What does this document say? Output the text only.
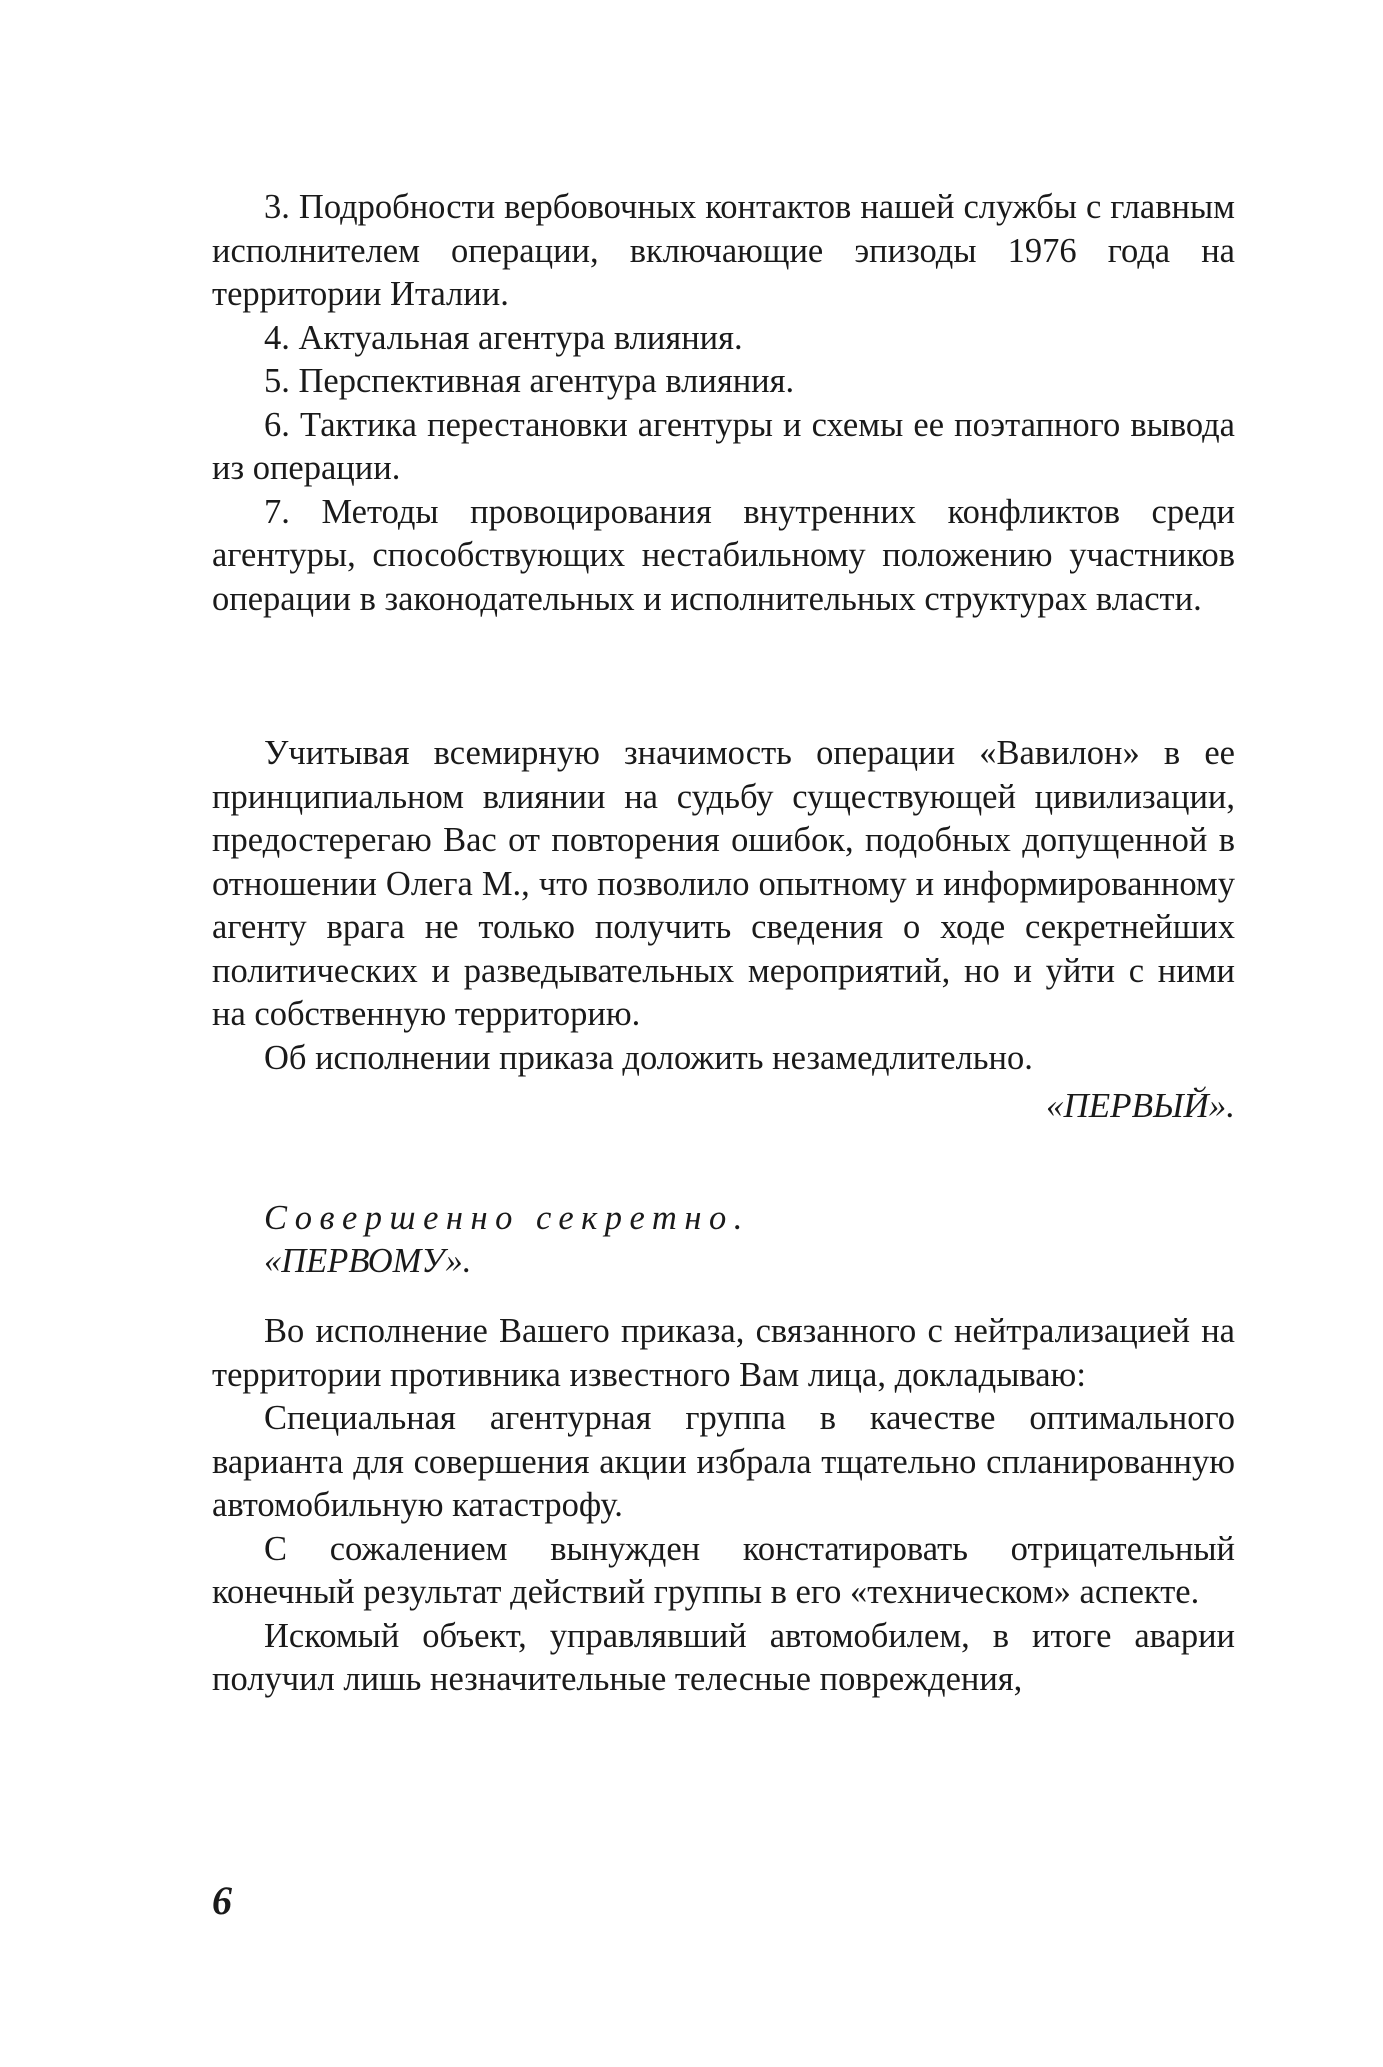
3. Подробности вербовочных контактов нашей службы с главным исполнителем операции, включающие эпизоды 1976 года на территории Италии.

4. Актуальная агентура влияния.

5. Перспективная агентура влияния.

6. Тактика перестановки агентуры и схемы ее поэтапного вывода из операции.

7. Методы провоцирования внутренних конфликтов среди агентуры, способствующих нестабильному положению участников операции в законодательных и исполнительных структурах власти.

Учитывая всемирную значимость операции «Вавилон» в ее принципиальном влиянии на судьбу существующей цивилизации, предостерегаю Вас от повторения ошибок, подобных допущенной в отношении Олега М., что позволило опытному и информированному агенту врага не только получить сведения о ходе секретнейших политических и разведывательных мероприятий, но и уйти с ними на собственную территорию.

Об исполнении приказа доложить незамедлительно.

«ПЕРВЫЙ».

Совершенно секретно.

«ПЕРВОМУ».

Во исполнение Вашего приказа, связанного с нейтрализацией на территории противника известного Вам лица, докладываю:

Специальная агентурная группа в качестве оптимального варианта для совершения акции избрала тщательно спланированную автомобильную катастрофу.

С сожалением вынужден констатировать отрицательный конечный результат действий группы в его «техническом» аспекте.

Искомый объект, управлявший автомобилем, в итоге аварии получил лишь незначительные телесные повреждения,

6
